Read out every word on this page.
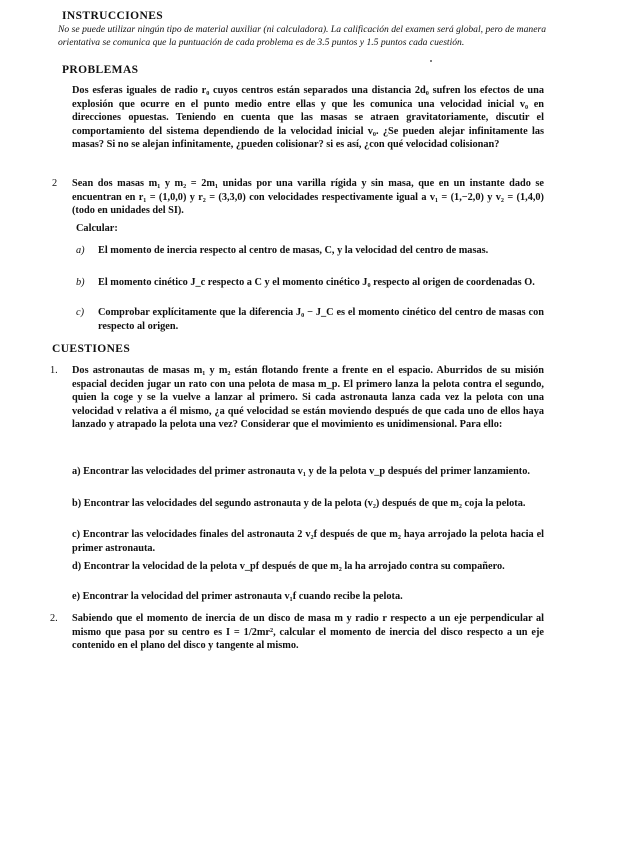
INSTRUCCIONES
No se puede utilizar ningún tipo de material auxiliar (ni calculadora). La calificación del examen será global, pero de manera orientativa se comunica que la puntuación de cada problema es de 3.5 puntos y 1.5 puntos cada cuestión.
PROBLEMAS
Dos esferas iguales de radio r₀ cuyos centros están separados una distancia 2d₀ sufren los efectos de una explosión que ocurre en el punto medio entre ellas y que les comunica una velocidad inicial v₀ en direcciones opuestas. Teniendo en cuenta que las masas se atraen gravitatoriamente, discutir el comportamiento del sistema dependiendo de la velocidad inicial v₀. ¿Se pueden alejar infinitamente las masas? Si no se alejan infinitamente, ¿pueden colisionar? si es así, ¿con qué velocidad colisionan?
2 Sean dos masas m₁ y m₂ = 2m₁ unidas por una varilla rígida y sin masa, que en un instante dado se encuentran en r₁ = (1,0,0) y r₂ = (3,3,0) con velocidades respectivamente igual a v₁ = (1,−2,0) y v₂ = (1,4,0)(todo en unidades del SI).
Calcular:
a) El momento de inercia respecto al centro de masas, C, y la velocidad del centro de masas.
b) El momento cinético J_c respecto a C y el momento cinético J₀ respecto al origen de coordenadas O.
c) Comprobar explícitamente que la diferencia J₀ − J_C es el momento cinético del centro de masas con respecto al origen.
CUESTIONES
1. Dos astronautas de masas m₁ y m₂ están flotando frente a frente en el espacio. Aburridos de su misión espacial deciden jugar un rato con una pelota de masa m_p. El primero lanza la pelota contra el segundo, quien la coge y se la vuelve a lanzar al primero. Si cada astronauta lanza cada vez la pelota con una velocidad v relativa a él mismo, ¿a qué velocidad se están moviendo después de que cada uno de ellos haya lanzado y atrapado la pelota una vez? Considerar que el movimiento es unidimensional. Para ello:
a) Encontrar las velocidades del primer astronauta v₁ y de la pelota v_p después del primer lanzamiento.
b) Encontrar las velocidades del segundo astronauta y de la pelota (v₂) después de que m₂ coja la pelota.
c) Encontrar las velocidades finales del astronauta 2 v₂f después de que m₂ haya arrojado la pelota hacia el primer astronauta.
d) Encontrar la velocidad de la pelota v_pf después de que m₂ la ha arrojado contra su compañero.
e) Encontrar la velocidad del primer astronauta v₁f cuando recibe la pelota.
2. Sabiendo que el momento de inercia de un disco de masa m y radio r respecto a un eje perpendicular al mismo que pasa por su centro es I = 1/2mr², calcular el momento de inercia del disco respecto a un eje contenido en el plano del disco y tangente al mismo.
